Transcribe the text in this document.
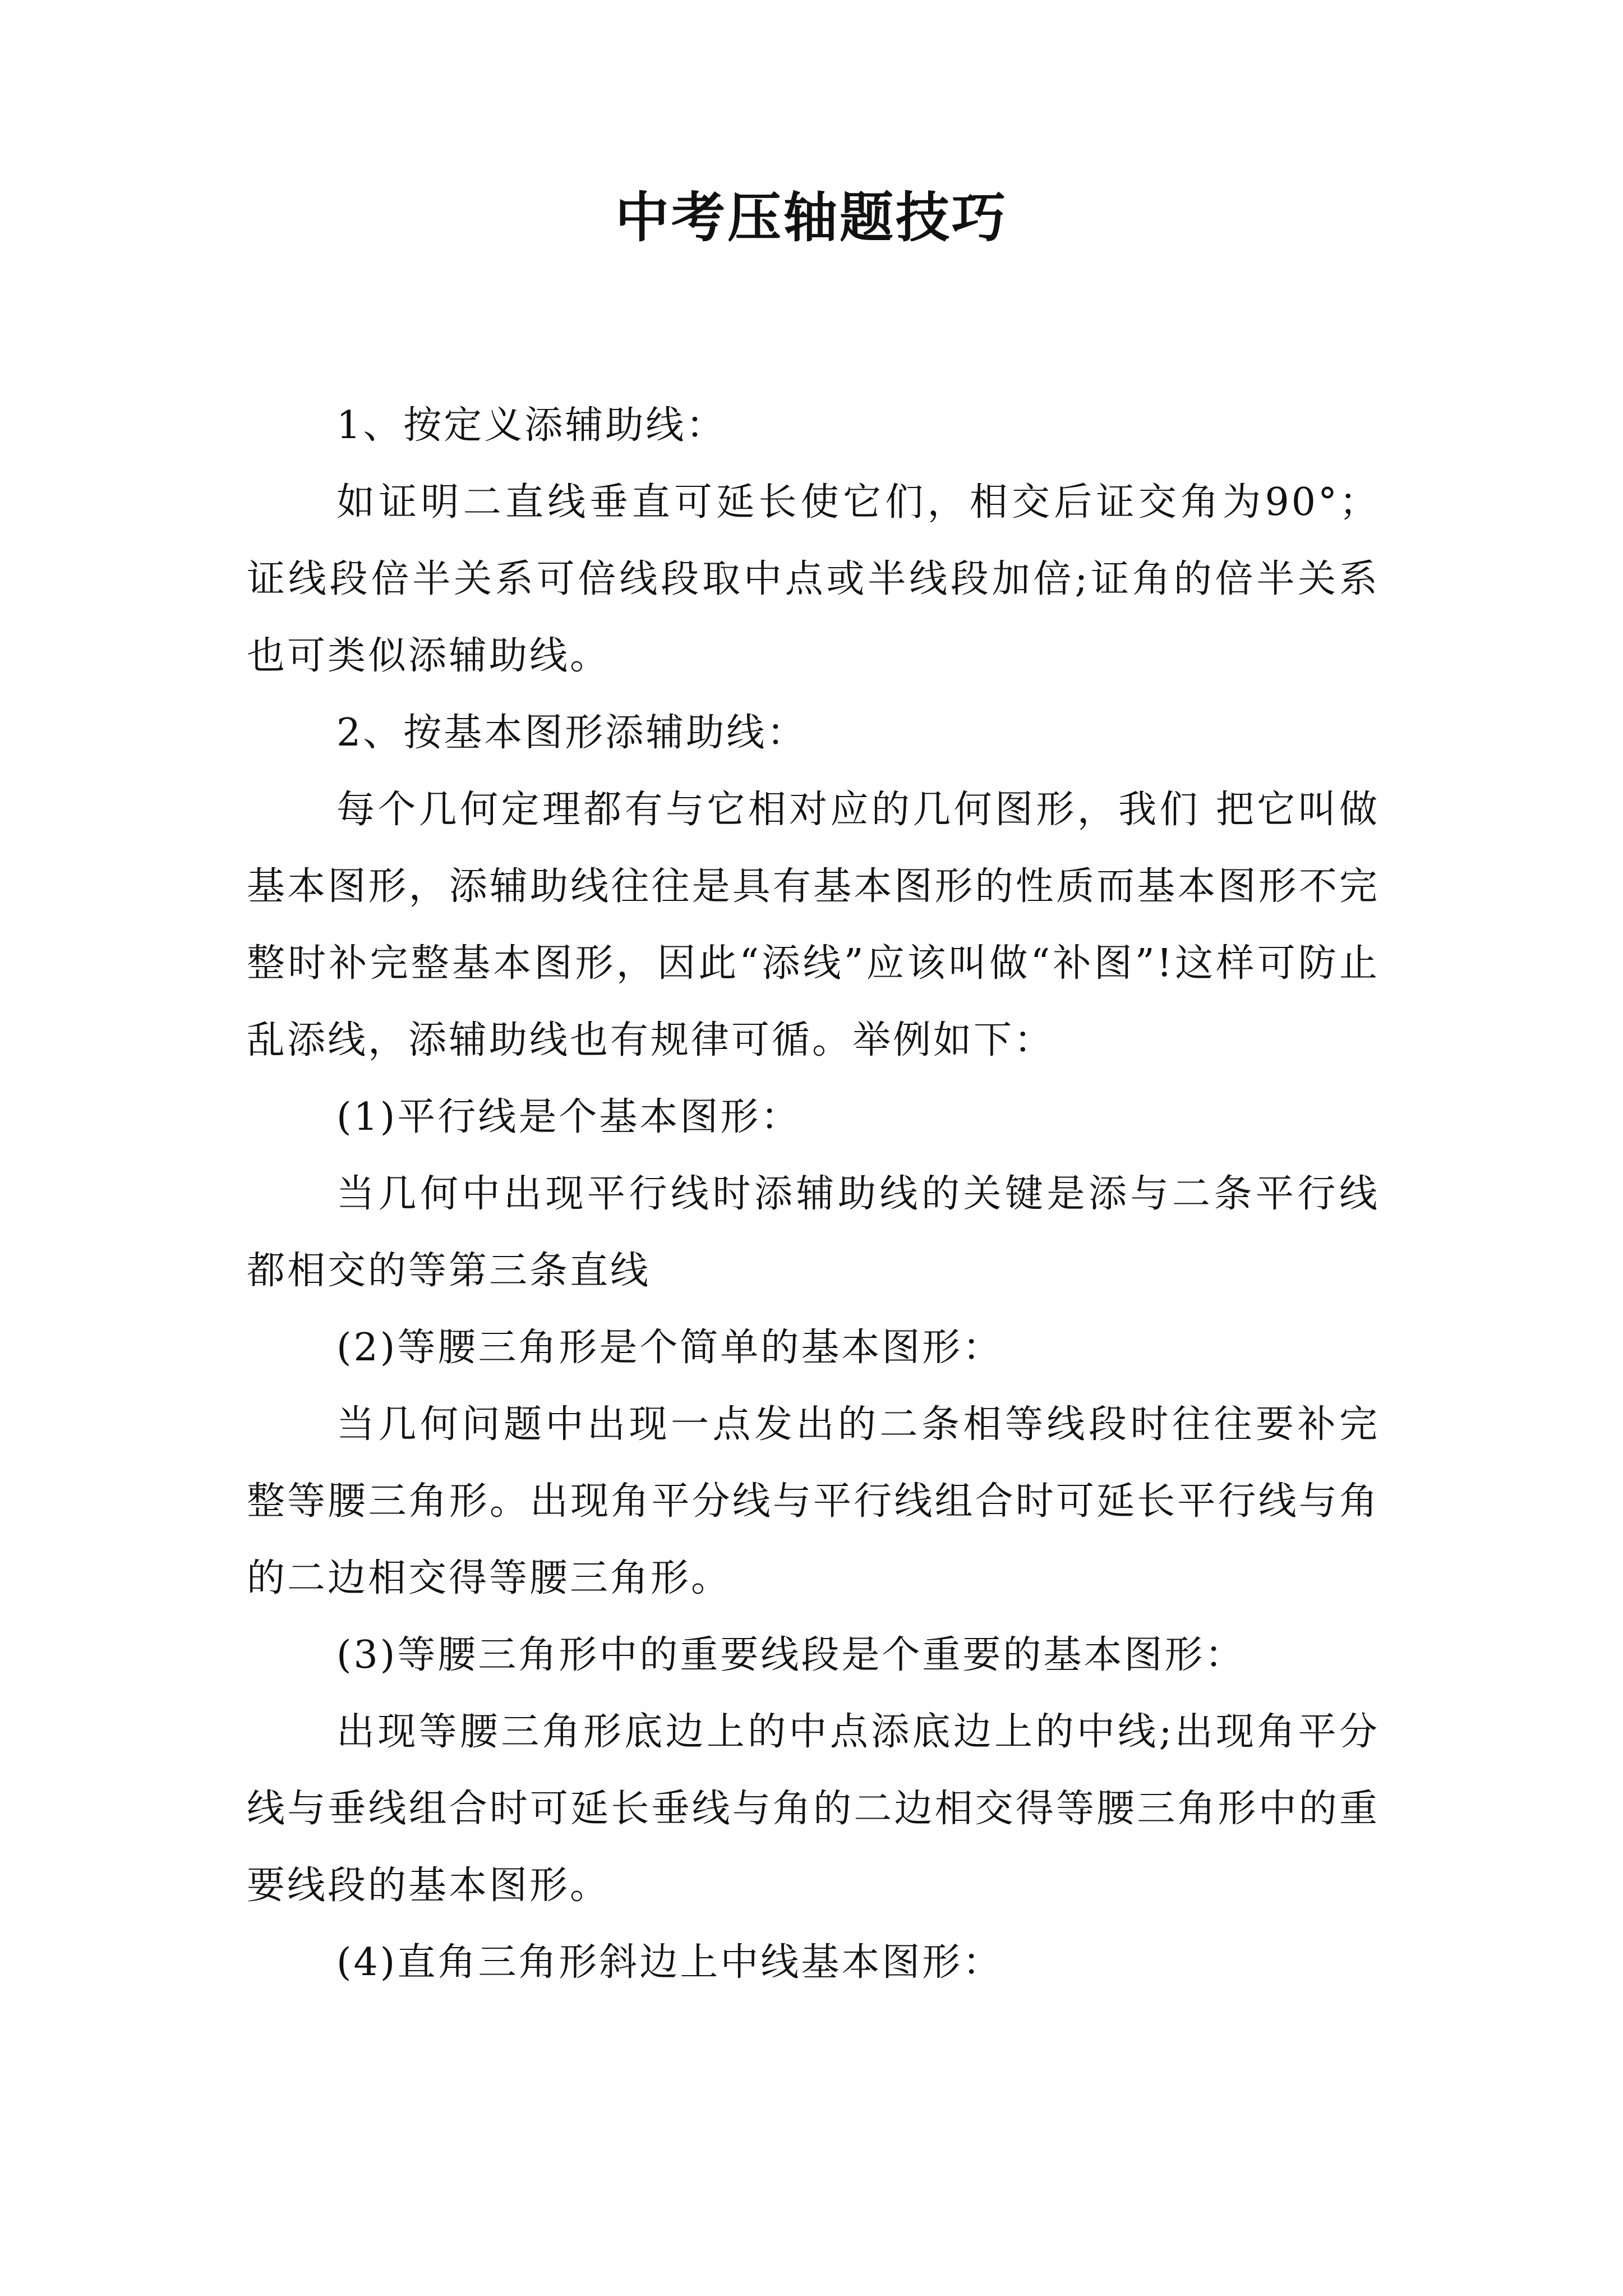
中考压轴题技巧

1、按定义添辅助线：

如证明二直线垂直可延长使它们，相交后证交角为90°；证线段倍半关系可倍线段取中点或半线段加倍;证角的倍半关系也可类似添辅助线。

2、按基本图形添辅助线：

每个几何定理都有与它相对应的几何图形，我们 把它叫做基本图形，添辅助线往往是具有基本图形的性质而基本图形不完整时补完整基本图形，因此“添线”应该叫做“补图”!这样可防止乱添线，添辅助线也有规律可循。举例如下：

(1)平行线是个基本图形：

当几何中出现平行线时添辅助线的关键是添与二条平行线都相交的等第三条直线

(2)等腰三角形是个简单的基本图形：

当几何问题中出现一点发出的二条相等线段时往往要补完整等腰三角形。出现角平分线与平行线组合时可延长平行线与角的二边相交得等腰三角形。

(3)等腰三角形中的重要线段是个重要的基本图形：

出现等腰三角形底边上的中点添底边上的中线;出现角平分线与垂线组合时可延长垂线与角的二边相交得等腰三角形中的重要线段的基本图形。

(4)直角三角形斜边上中线基本图形：
